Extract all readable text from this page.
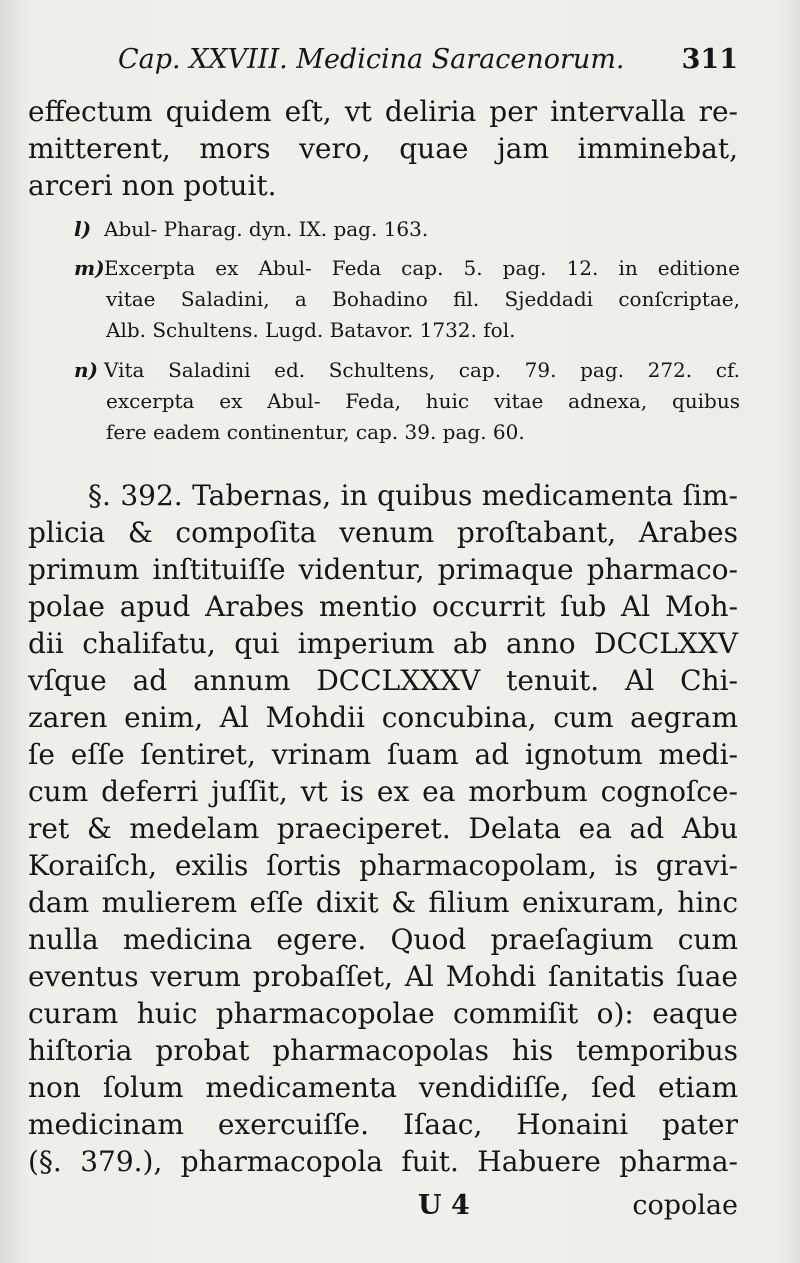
Cap. XXVIII. Medicina Saracenorum. 311
effectum quidem eſt, vt deliria per intervalla re-
mitterent, mors vero, quae jam imminebat,
arceri non potuit.
l) Abul- Pharag. dyn. IX. pag. 163.
m)Excerpta ex Abul- Feda cap. 5. pag. 12. in editione
vitae Saladini, a Bohadino fil. Sjeddadi conſcriptae,
Alb. Schultens. Lugd. Batavor. 1732. fol.
n) Vita Saladini ed. Schultens, cap. 79. pag. 272. cf.
excerpta ex Abul- Feda, huic vitae adnexa, quibus
fere eadem continentur, cap. 39. pag. 60.
§. 392. Tabernas, in quibus medicamenta ſim-
plicia & compoſita venum proſtabant, Arabes
primum inſtituiſſe videntur, primaque pharmaco-
polae apud Arabes mentio occurrit ſub Al Moh-
dii chalifatu, qui imperium ab anno DCCLXXV
vſque ad annum DCCLXXXV tenuit. Al Chi-
zaren enim, Al Mohdii concubina, cum aegram
ſe eſſe ſentiret, vrinam ſuam ad ignotum medi-
cum deferri juſſit, vt is ex ea morbum cognoſce-
ret & medelam praeciperet. Delata ea ad Abu
Koraiſch, exilis ſortis pharmacopolam, is gravi-
dam mulierem eſſe dixit & filium enixuram, hinc
nulla medicina egere. Quod praeſagium cum
eventus verum probaſſet, Al Mohdi ſanitatis ſuae
curam huic pharmacopolae commiſit o): eaque
hiſtoria probat pharmacopolas his temporibus
non ſolum medicamenta vendidiſſe, ſed etiam
medicinam exercuiſſe. Iſaac, Honaini pater
(§. 379.), pharmacopola fuit. Habuere pharma-
U 4	copolae
